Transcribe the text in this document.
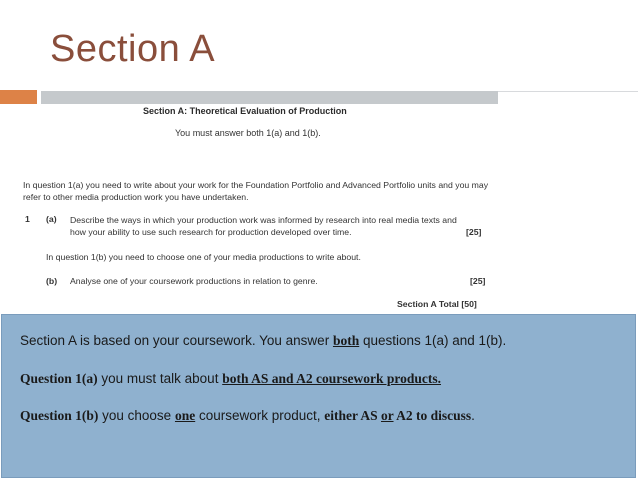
Section A
Section A: Theoretical Evaluation of Production
You must answer both 1(a) and 1(b).
In question 1(a) you need to write about your work for the Foundation Portfolio and Advanced Portfolio units and you may refer to other media production work you have undertaken.
1 (a) Describe the ways in which your production work was informed by research into real media texts and how your ability to use such research for production developed over time.	[25]
In question 1(b) you need to choose one of your media productions to write about.
(b) Analyse one of your coursework productions in relation to genre.	[25]
Section A Total [50]
Section A is based on your coursework. You answer both questions 1(a) and 1(b).
Question 1(a) you must talk about both AS and A2 coursework products.
Question 1(b) you choose one coursework product, either AS or A2 to discuss.
